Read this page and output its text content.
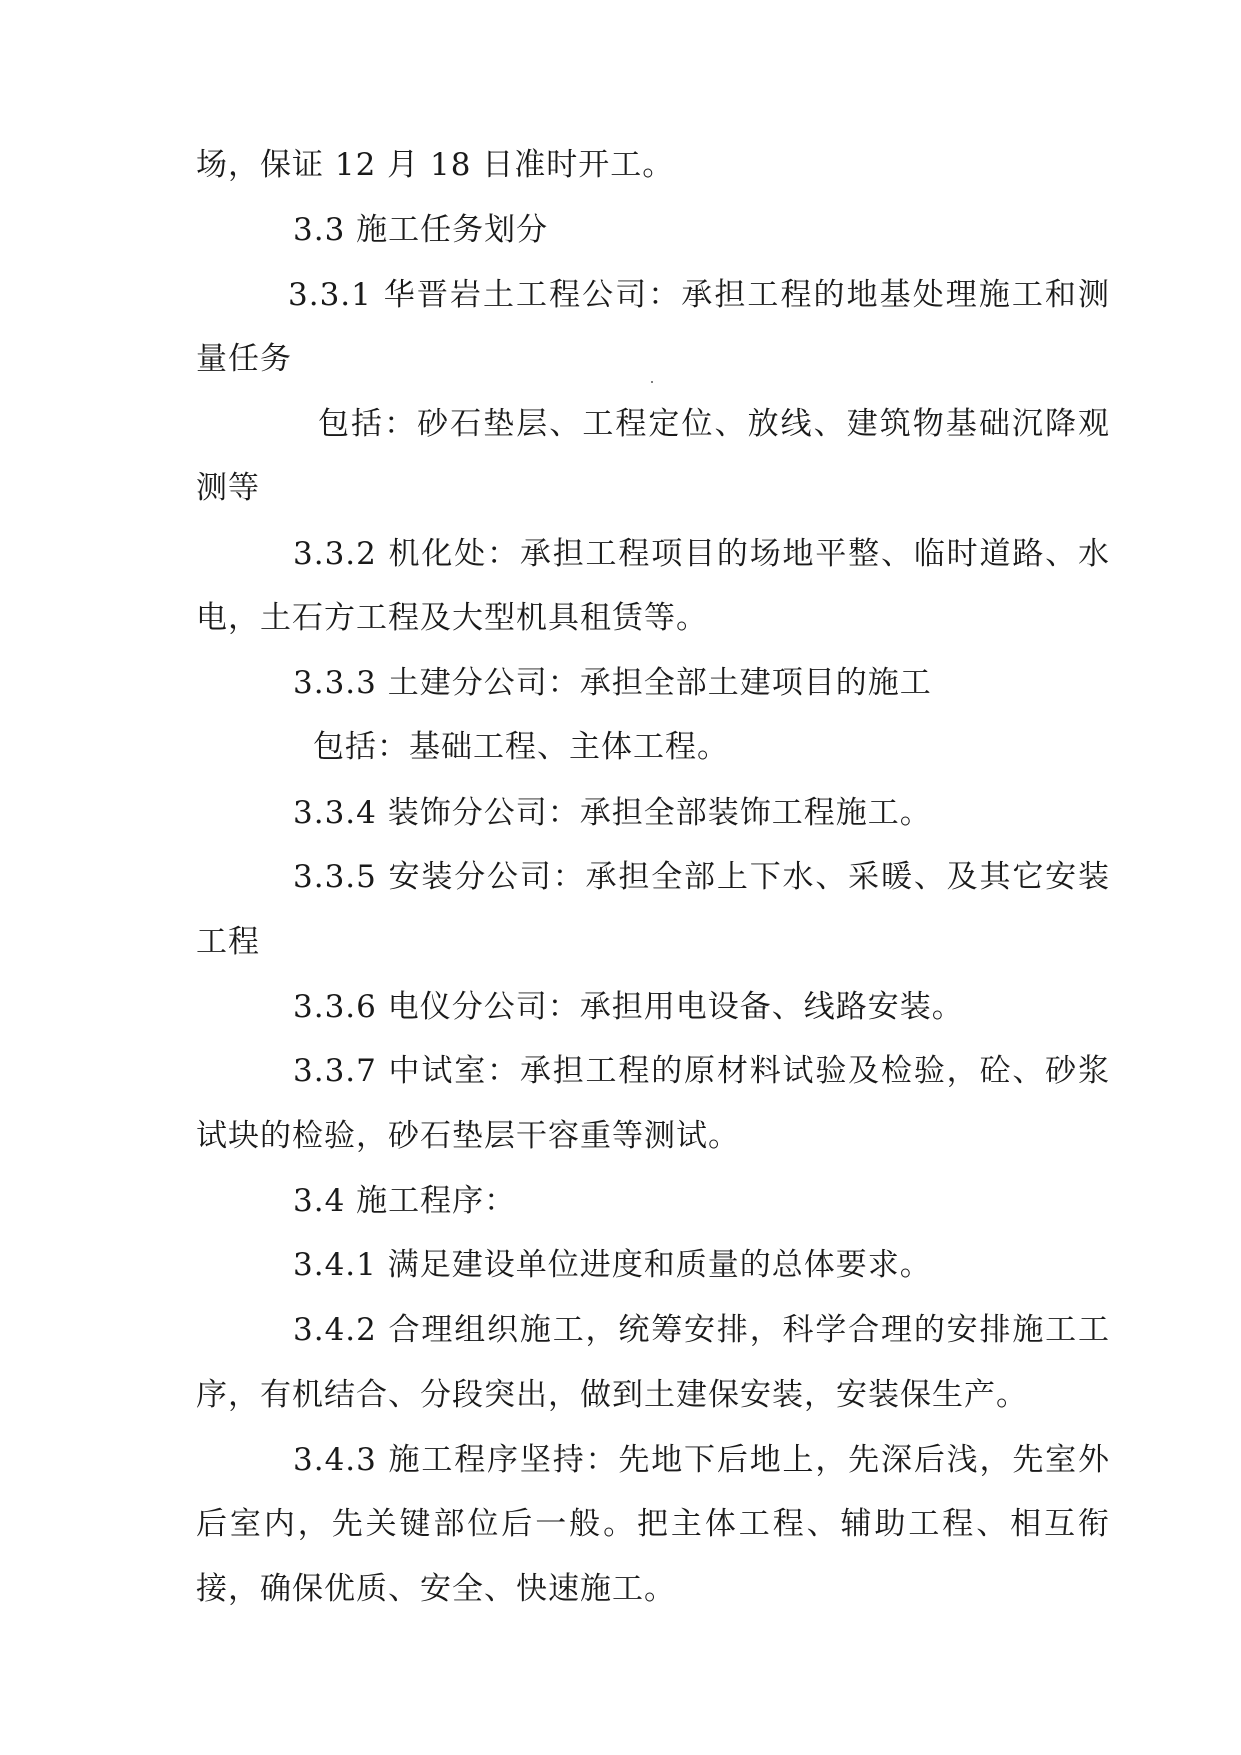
场，保证 12 月 18 日准时开工。
3.3 施工任务划分
3.3.1 华晋岩土工程公司：承担工程的地基处理施工和测
量任务
包括：砂石垫层、工程定位、放线、建筑物基础沉降观
测等
3.3.2 机化处：承担工程项目的场地平整、临时道路、水
电，土石方工程及大型机具租赁等。
3.3.3 土建分公司：承担全部土建项目的施工
包括：基础工程、主体工程。
3.3.4 装饰分公司：承担全部装饰工程施工。
3.3.5 安装分公司：承担全部上下水、采暖、及其它安装
工程
3.3.6 电仪分公司：承担用电设备、线路安装。
3.3.7 中试室：承担工程的原材料试验及检验，砼、砂浆
试块的检验，砂石垫层干容重等测试。
3.4 施工程序：
3.4.1 满足建设单位进度和质量的总体要求。
3.4.2 合理组织施工，统筹安排，科学合理的安排施工工
序，有机结合、分段突出，做到土建保安装，安装保生产。
3.4.3 施工程序坚持：先地下后地上，先深后浅，先室外
后室内，先关键部位后一般。把主体工程、辅助工程、相互衔
接，确保优质、安全、快速施工。
